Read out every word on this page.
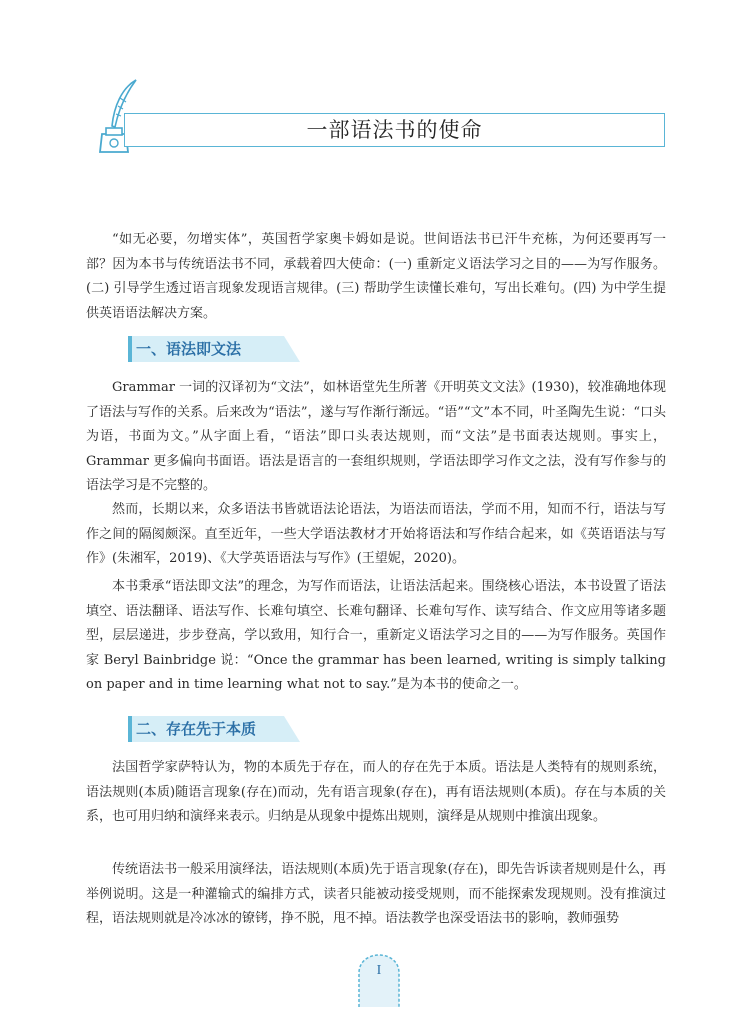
一部语法书的使命

“如无必要，勿增实体”，英国哲学家奥卡姆如是说。世间语法书已汗牛充栋，为何还要再写一部？因为本书与传统语法书不同，承载着四大使命：(一) 重新定义语法学习之目的——为写作服务。(二) 引导学生透过语言现象发现语言规律。(三) 帮助学生读懂长难句，写出长难句。(四) 为中学生提供英语语法解决方案。

一、语法即文法

Grammar 一词的汉译初为“文法”，如林语堂先生所著《开明英文文法》(1930)，较准确地体现了语法与写作的关系。后来改为“语法”，遂与写作渐行渐远。“语”“文”本不同，叶圣陶先生说：“口头为语，书面为文。”从字面上看，“语法”即口头表达规则，而“文法”是书面表达规则。事实上，Grammar 更多偏向书面语。语法是语言的一套组织规则，学语法即学习作文之法，没有写作参与的语法学习是不完整的。

然而，长期以来，众多语法书皆就语法论语法，为语法而语法，学而不用，知而不行，语法与写作之间的隔阂颇深。直至近年，一些大学语法教材才开始将语法和写作结合起来，如《英语语法与写作》(朱湘军，2019)、《大学英语语法与写作》(王望妮，2020)。

本书秉承“语法即文法”的理念，为写作而语法，让语法活起来。围绕核心语法，本书设置了语法填空、语法翻译、语法写作、长难句填空、长难句翻译、长难句写作、读写结合、作文应用等诸多题型，层层递进，步步登高，学以致用，知行合一，重新定义语法学习之目的——为写作服务。英国作家 Beryl Bainbridge 说：“Once the grammar has been learned, writing is simply talking on paper and in time learning what not to say.”是为本书的使命之一。

二、存在先于本质

法国哲学家萨特认为，物的本质先于存在，而人的存在先于本质。语法是人类特有的规则系统，语法规则(本质)随语言现象(存在)而动，先有语言现象(存在)，再有语法规则(本质)。存在与本质的关系，也可用归纳和演绎来表示。归纳是从现象中提炼出规则，演绎是从规则中推演出现象。

传统语法书一般采用演绎法，语法规则(本质)先于语言现象(存在)，即先告诉读者规则是什么，再举例说明。这是一种灌输式的编排方式，读者只能被动接受规则，而不能探索发现规则。没有推演过程，语法规则就是冷冰冰的镣铐，挣不脱，甩不掉。语法教学也深受语法书的影响，教师强势

I
